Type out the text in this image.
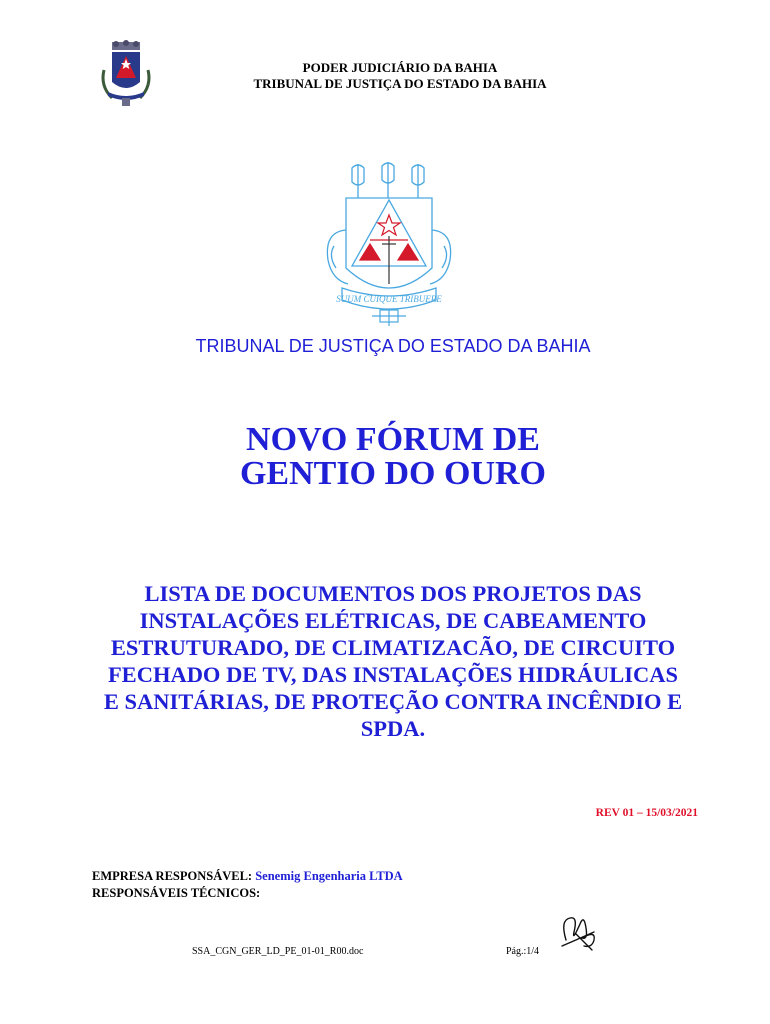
PODER JUDICIÁRIO DA BAHIA
TRIBUNAL DE JUSTIÇA DO ESTADO DA BAHIA
SUUM CUIQUE TRIBUERE
TRIBUNAL DE JUSTIÇA DO ESTADO DA BAHIA
NOVO FÓRUM DE
GENTIO DO OURO
LISTA DE DOCUMENTOS DOS PROJETOS DAS
INSTALAÇÕES ELÉTRICAS, DE CABEAMENTO
ESTRUTURADO, DE CLIMATIZACÃO, DE CIRCUITO
FECHADO DE TV, DAS INSTALAÇÕES HIDRÁULICAS
E SANITÁRIAS, DE PROTEÇÃO CONTRA INCÊNDIO E
SPDA.
REV 01 – 15/03/2021
EMPRESA RESPONSÁVEL: Senemig Engenharia LTDA
RESPONSÁVEIS TÉCNICOS:
SSA_CGN_GER_LD_PE_01-01_R00.doc	Pág.:1/4
